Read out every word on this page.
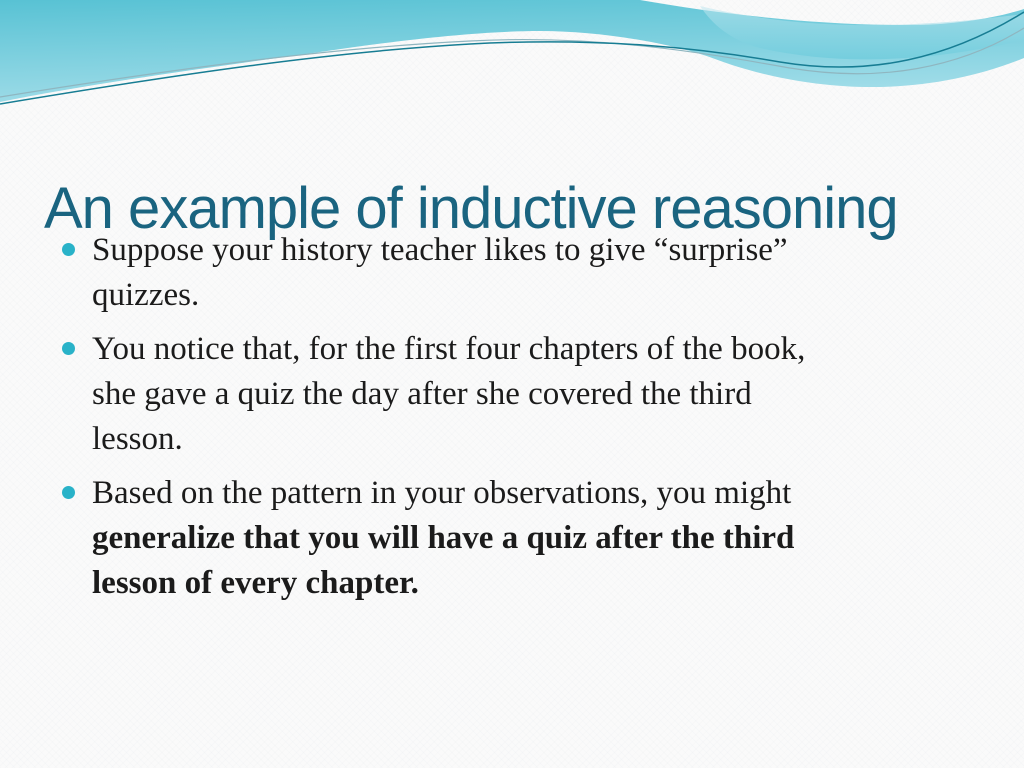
An example of inductive reasoning
Suppose your history teacher likes to give “surprise”
quizzes.
You notice that, for the first four chapters of the book,
she gave a quiz the day after she covered the third
lesson.
Based on the pattern in your observations, you might
generalize that you will have a quiz after the third
lesson of every chapter.
